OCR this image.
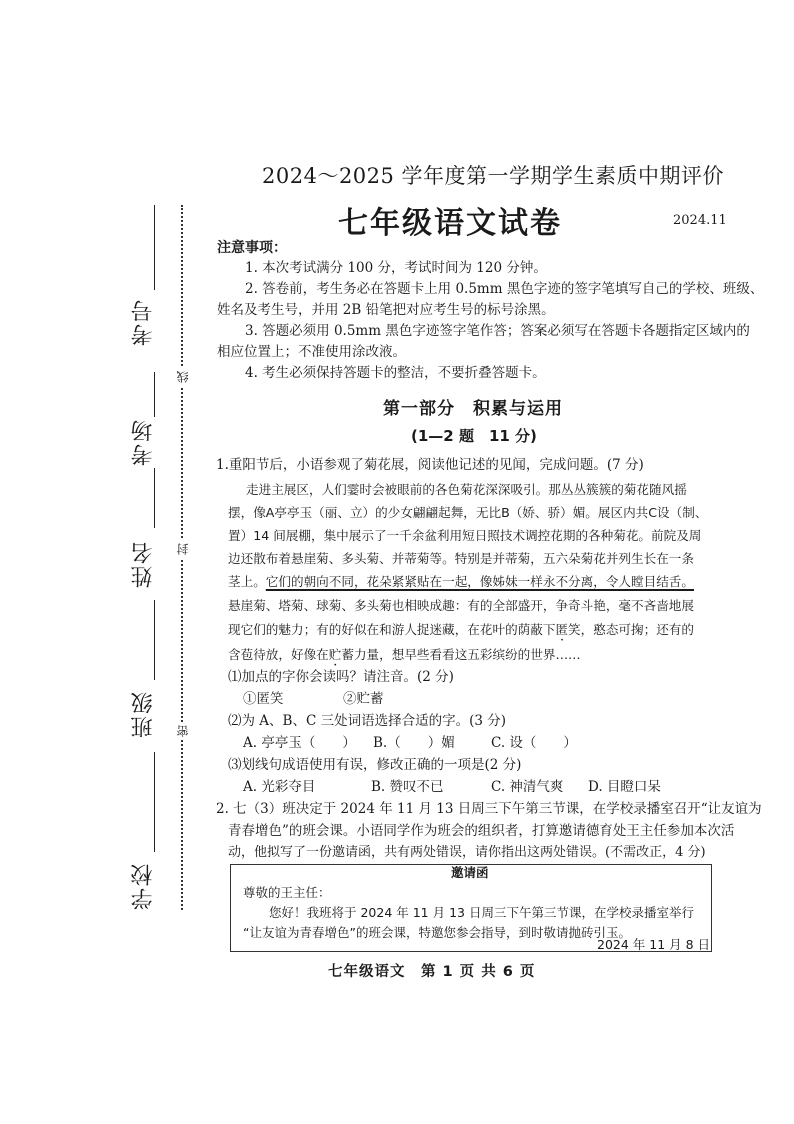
考号
考场
姓名
班级
学校
线
封
密
2024～2025 学年度第一学期学生素质中期评价
七年级语文试卷	2024.11
注意事项：
1. 本次考试满分 100 分，考试时间为 120 分钟。
2. 答卷前，考生务必在答题卡上用 0.5mm 黑色字迹的签字笔填写自己的学校、班级、
姓名及考生号，并用 2B 铅笔把对应考生号的标号涂黑。
3. 答题必须用 0.5mm 黑色字迹签字笔作答；答案必须写在答题卡各题指定区域内的
相应位置上；不准使用涂改液。
4. 考生必须保持答题卡的整洁，不要折叠答题卡。
第一部分　积累与运用
(1—2 题　11 分)
1.重阳节后，小语参观了菊花展，阅读他记述的见闻，完成问题。(7 分)
走进主展区，人们霎时会被眼前的各色菊花深深吸引。那丛丛簇簇的菊花随风摇
摆，像A亭亭玉（丽、立）的少女翩翩起舞，无比B（娇、骄）媚。展区内共C设（制、
置）14 间展棚，集中展示了一千余盆利用短日照技术调控花期的各种菊花。前院及周
边还散布着悬崖菊、多头菊、并蒂菊等。特别是并蒂菊，五六朵菊花并列生长在一条
茎上。它们的朝向不同，花朵紧紧贴在一起，像姊妹一样永不分离，令人瞠目结舌。
悬崖菊、塔菊、球菊、多头菊也相映成趣：有的全部盛开，争奇斗艳，毫不吝啬地展
现它们的魅力；有的好似在和游人捉迷藏，在花叶的荫蔽下匿笑，憨态可掬；还有的
含苞待放，好像在贮蓄力量，想早些看看这五彩缤纷的世界……
⑴加点的字你会读吗？请注音。(2 分)
①匿笑	②贮蓄
⑵为 A、B、C 三处词语选择合适的字。(3 分)
A. 亭亭玉（　　） B.（　　）媚	C. 设（　　）
⑶划线句成语使用有误，修改正确的一项是(2 分)
A. 光彩夺目	B. 赞叹不已	C. 神清气爽 D. 目瞪口呆
2. 七（3）班决定于 2024 年 11 月 13 日周三下午第三节课，在学校录播室召开“让友谊为
青春增色”的班会课。小语同学作为班会的组织者，打算邀请德育处王主任参加本次活
动，他拟写了一份邀请函，共有两处错误，请你指出这两处错误。(不需改正，4 分)
邀请函
尊敬的王主任：
您好！我班将于 2024 年 11 月 13 日周三下午第三节课，在学校录播室举行
“让友谊为青春增色”的班会课，特邀您参会指导，到时敬请抛砖引玉。
2024 年 11 月 8 日
七年级语文　第 1 页 共 6 页
